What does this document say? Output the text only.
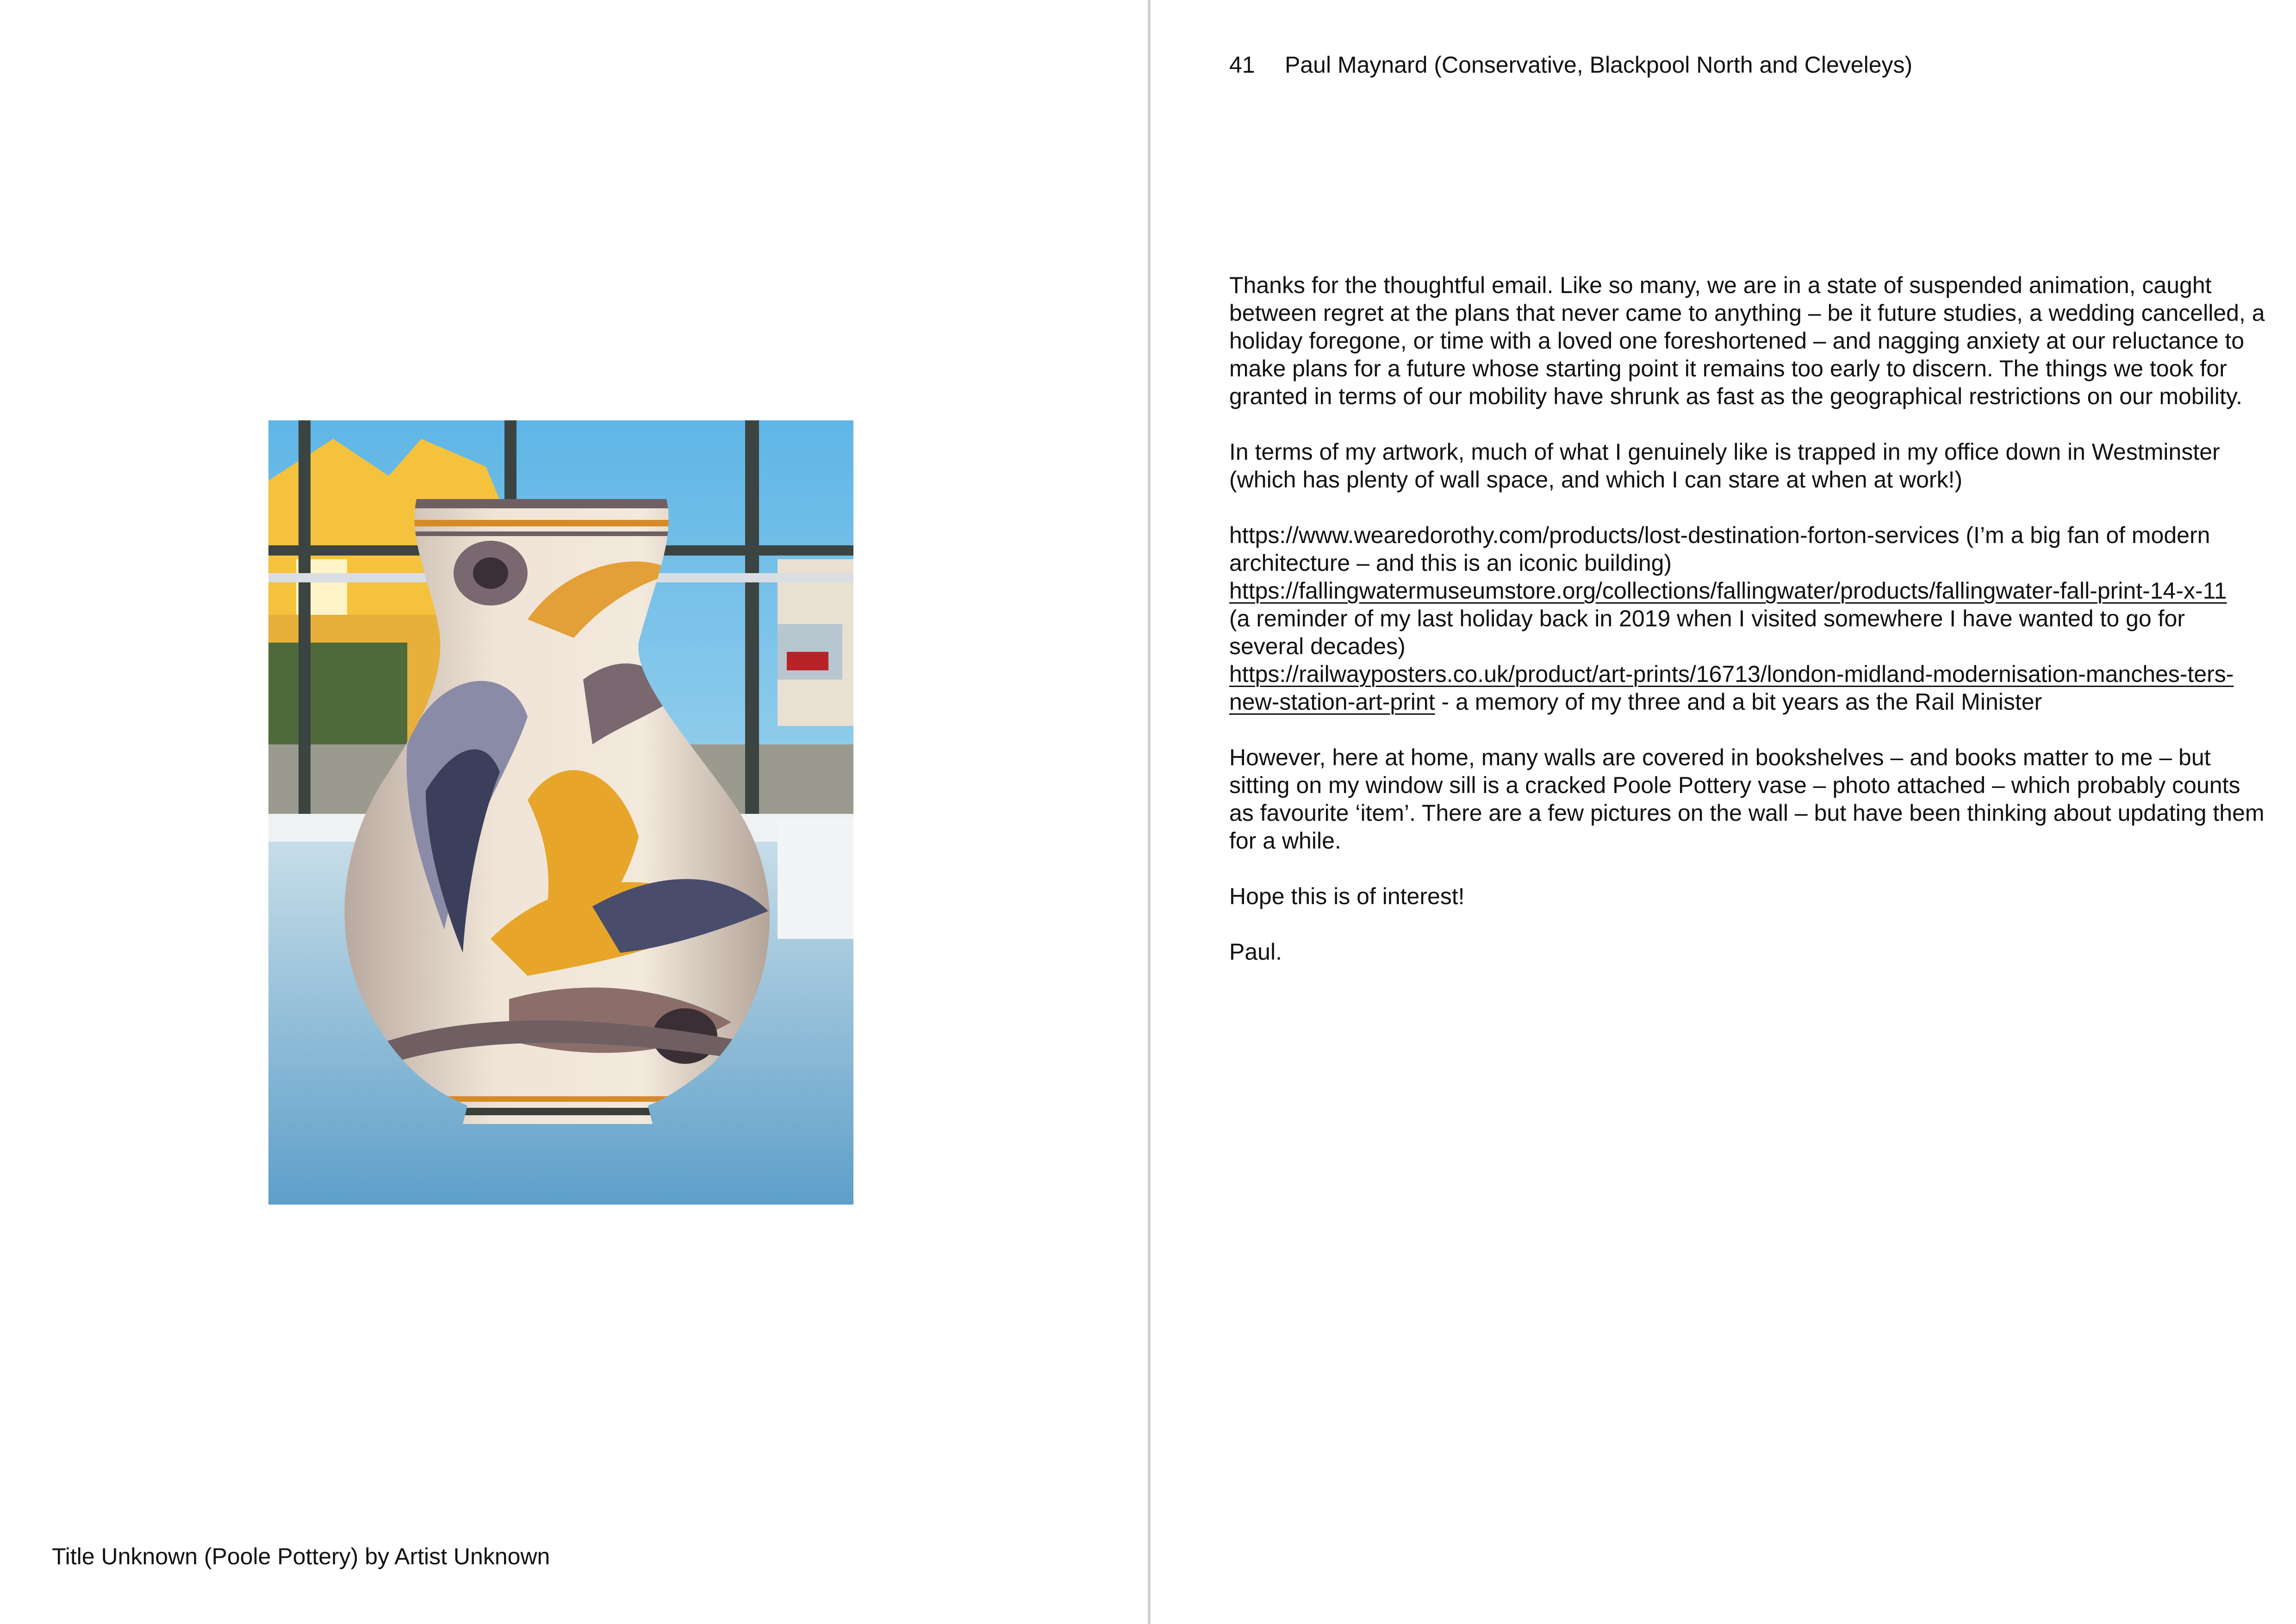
Title Unknown (Poole Pottery) by Artist Unknown
41 Paul Maynard (Conservative, Blackpool North and Cleveleys)

Thanks for the thoughtful email. Like so many, we are in a state of suspended animation, caught between regret at the plans that never came to anything – be it future studies, a wedding cancelled, a holiday foregone, or time with a loved one foreshortened – and nagging anxiety at our reluctance to make plans for a future whose starting point it remains too early to discern. The things we took for granted in terms of our mobility have shrunk as fast as the geographical restrictions on our mobility.

In terms of my artwork, much of what I genuinely like is trapped in my office down in Westminster (which has plenty of wall space, and which I can stare at when at work!)

https://www.wearedorothy.com/products/lost-destination-forton-services (I’m a big fan of modern architecture – and this is an iconic building)
https://fallingwatermuseumstore.org/collections/fallingwater/products/fallingwater-fall-print-14-x-11
(a reminder of my last holiday back in 2019 when I visited somewhere I have wanted to go for several decades)
https://railwayposters.co.uk/product/art-prints/16713/london-midland-modernisation-manches-ters-new-station-art-print - a memory of my three and a bit years as the Rail Minister

However, here at home, many walls are covered in bookshelves – and books matter to me – but sitting on my window sill is a cracked Poole Pottery vase – photo attached – which probably counts as favourite ‘item’. There are a few pictures on the wall – but have been thinking about updating them for a while.

Hope this is of interest!

Paul.
